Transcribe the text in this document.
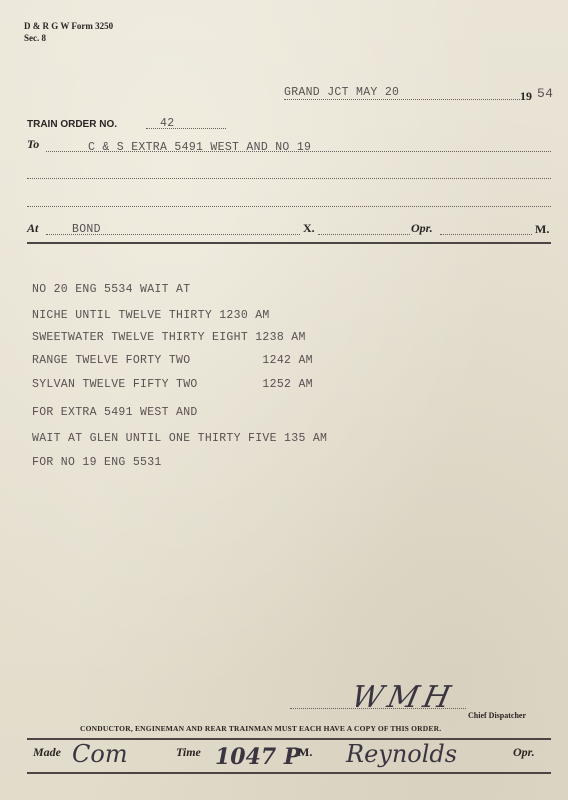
D & R G W Form 3250
Sec. 8
GRAND JCT MAY 20	19 54
TRAIN ORDER NO.	42
To	C & S EXTRA 5491 WEST AND NO 19
At	BOND	X.	Opr.	M.
NO 20 ENG 5534 WAIT AT
NICHE UNTIL TWELVE THIRTY 1230 AM
SWEETWATER TWELVE THIRTY EIGHT 1238 AM
RANGE TWELVE FORTY TWO          1242 AM
SYLVAN TWELVE FIFTY TWO         1252 AM
FOR EXTRA 5491 WEST AND
WAIT AT GLEN UNTIL ONE THIRTY FIVE 135 AM
FOR NO 19 ENG 5531
WMH
Chief Dispatcher
CONDUCTOR, ENGINEMAN AND REAR TRAINMAN MUST EACH HAVE A COPY OF THIS ORDER.
Made Com	Time 1047 P
M. Reynolds	Opr.
